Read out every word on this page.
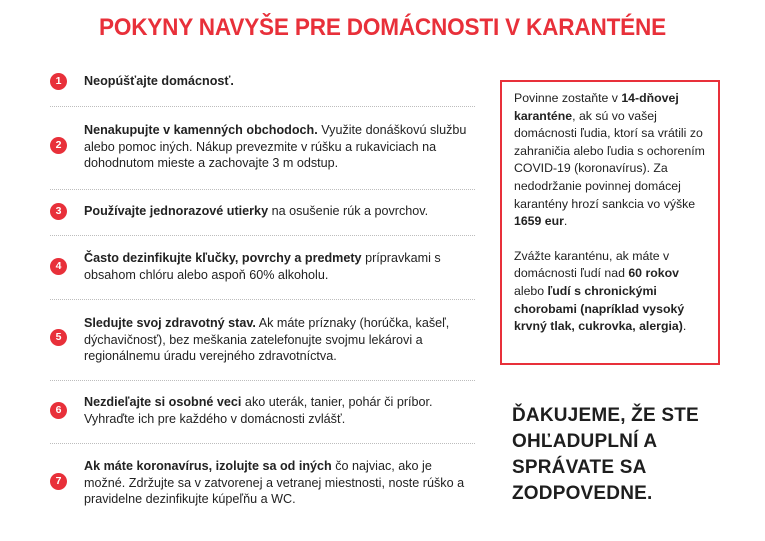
POKYNY NAVYŠE PRE DOMÁCNOSTI V KARANTÉNE
1	Neopúšťajte domácnosť.
2
Nenakupujte v kamenných obchodoch. Využite donáškovú službu alebo pomoc iných. Nákup prevezmite v rúšku a rukaviciach na dohodnutom mieste a zachovajte 3 m odstup.
3	Používajte jednorazové utierky na osušenie rúk a povrchov.
4
Často dezinfikujte kľučky, povrchy a predmety prípravkami s obsahom chlóru alebo aspoň 60% alkoholu.
5
Sledujte svoj zdravotný stav. Ak máte príznaky (horúčka, kašeľ, dýchavičnosť), bez meškania zatelefonujte svojmu lekárovi a regionálnemu úradu verejného zdravotníctva.
6
Nezdieľajte si osobné veci ako uterák, tanier, pohár či príbor. Vyhraďte ich pre každého v domácnosti zvlášť.
7
Ak máte koronavírus, izolujte sa od iných čo najviac, ako je možné. Zdržujte sa v zatvorenej a vetranej miestnosti, noste rúško a pravidelne dezinfikujte kúpeľňu a WC.

Povinne zostaňte v 14-dňovej karanténe, ak sú vo vašej domácnosti ľudia, ktorí sa vrátili zo zahraničia alebo ľudia s ochorením COVID-19 (koronavírus). Za nedodržanie povinnej domácej karantény hrozí sankcia vo výške 1659 eur.

Zvážte karanténu, ak máte v domácnosti ľudí nad 60 rokov alebo ľudí s chronickými chorobami (napríklad vysoký krvný tlak, cukrovka, alergia).

ĎAKUJEME, ŽE STE OHĽADUPLNÍ A SPRÁVATE SA ZODPOVEDNE.
